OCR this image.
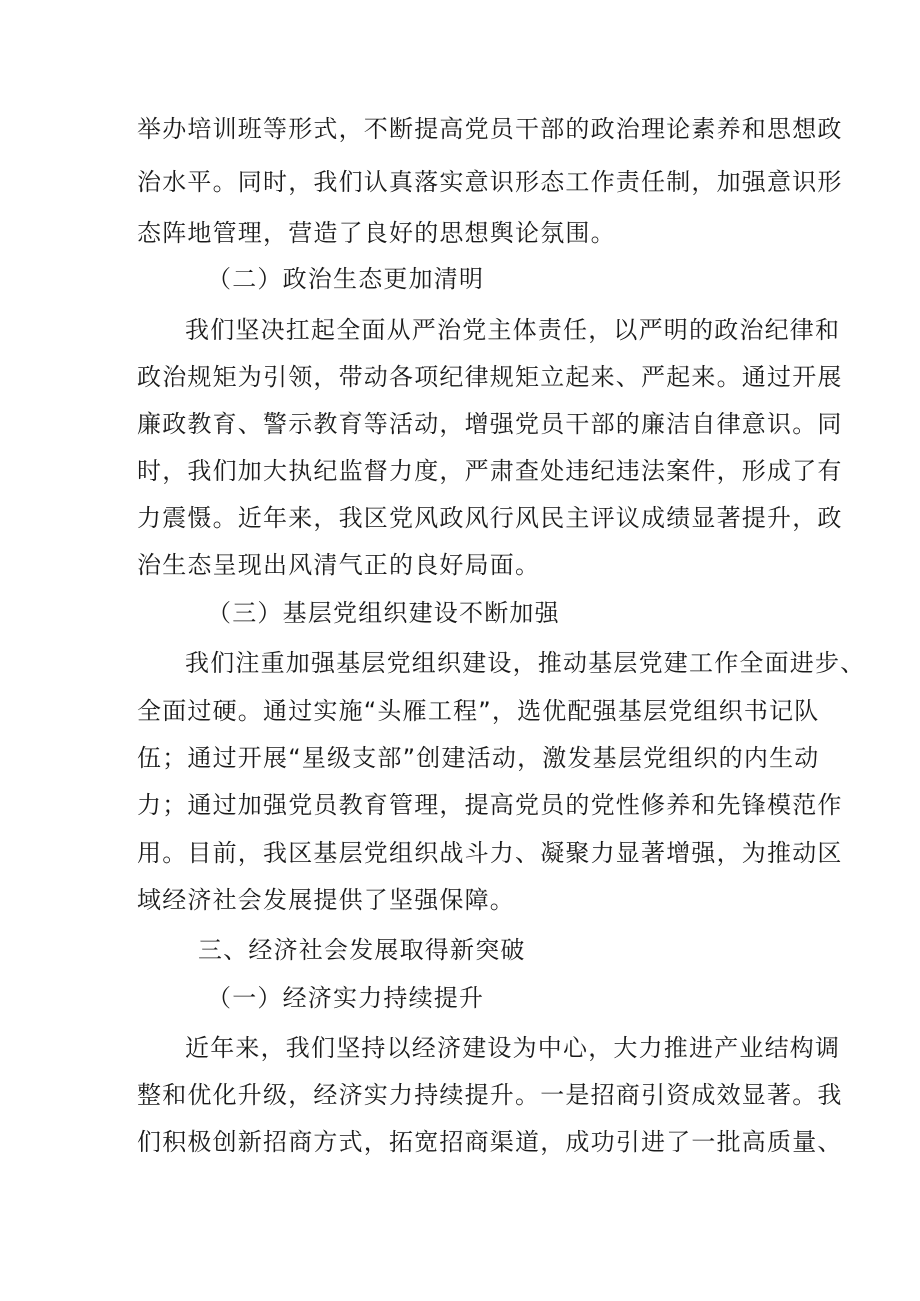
举办培训班等形式，不断提高党员干部的政治理论素养和思想政
治水平。同时，我们认真落实意识形态工作责任制，加强意识形
态阵地管理，营造了良好的思想舆论氛围。
（二）政治生态更加清明
我们坚决扛起全面从严治党主体责任，以严明的政治纪律和
政治规矩为引领，带动各项纪律规矩立起来、严起来。通过开展
廉政教育、警示教育等活动，增强党员干部的廉洁自律意识。同
时，我们加大执纪监督力度，严肃查处违纪违法案件，形成了有
力震慑。近年来，我区党风政风行风民主评议成绩显著提升，政
治生态呈现出风清气正的良好局面。
（三）基层党组织建设不断加强
我们注重加强基层党组织建设，推动基层党建工作全面进步、
全面过硬。通过实施“头雁工程”，选优配强基层党组织书记队
伍；通过开展“星级支部”创建活动，激发基层党组织的内生动
力；通过加强党员教育管理，提高党员的党性修养和先锋模范作
用。目前，我区基层党组织战斗力、凝聚力显著增强，为推动区
域经济社会发展提供了坚强保障。
三、经济社会发展取得新突破
（一）经济实力持续提升
近年来，我们坚持以经济建设为中心，大力推进产业结构调
整和优化升级，经济实力持续提升。一是招商引资成效显著。我
们积极创新招商方式，拓宽招商渠道，成功引进了一批高质量、
